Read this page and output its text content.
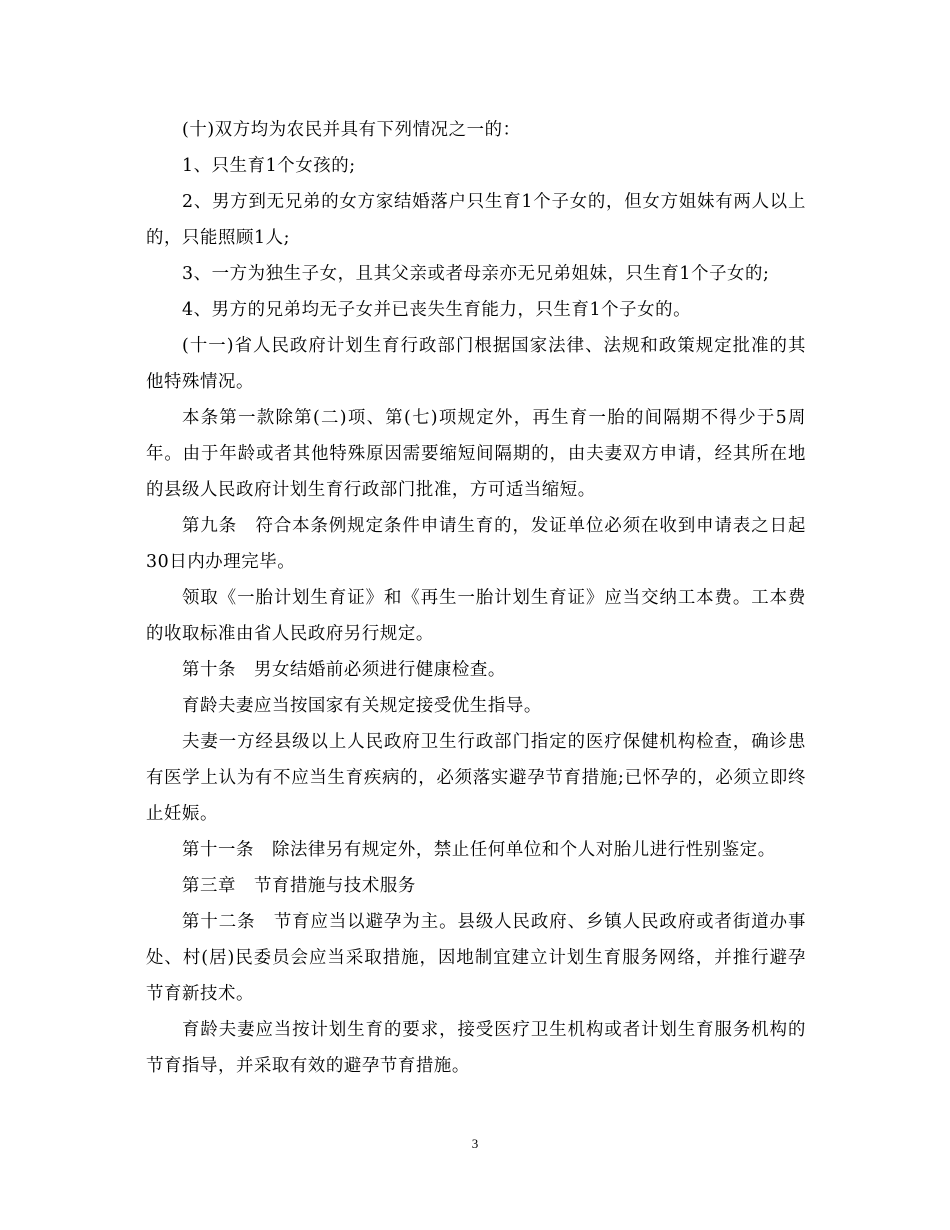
(十)双方均为农民并具有下列情况之一的：

1、只生育1个女孩的;

2、男方到无兄弟的女方家结婚落户只生育1个子女的，但女方姐妹有两人以上的，只能照顾1人;

3、一方为独生子女，且其父亲或者母亲亦无兄弟姐妹，只生育1个子女的;

4、男方的兄弟均无子女并已丧失生育能力，只生育1个子女的。

(十一)省人民政府计划生育行政部门根据国家法律、法规和政策规定批准的其他特殊情况。

本条第一款除第(二)项、第(七)项规定外，再生育一胎的间隔期不得少于5周年。由于年龄或者其他特殊原因需要缩短间隔期的，由夫妻双方申请，经其所在地的县级人民政府计划生育行政部门批准，方可适当缩短。

第九条　符合本条例规定条件申请生育的，发证单位必须在收到申请表之日起30日内办理完毕。

领取《一胎计划生育证》和《再生一胎计划生育证》应当交纳工本费。工本费的收取标准由省人民政府另行规定。

第十条　男女结婚前必须进行健康检查。

育龄夫妻应当按国家有关规定接受优生指导。

夫妻一方经县级以上人民政府卫生行政部门指定的医疗保健机构检查，确诊患有医学上认为有不应当生育疾病的，必须落实避孕节育措施;已怀孕的，必须立即终止妊娠。

第十一条　除法律另有规定外，禁止任何单位和个人对胎儿进行性别鉴定。

第三章　节育措施与技术服务

第十二条　节育应当以避孕为主。县级人民政府、乡镇人民政府或者街道办事处、村(居)民委员会应当采取措施，因地制宜建立计划生育服务网络，并推行避孕节育新技术。

育龄夫妻应当按计划生育的要求，接受医疗卫生机构或者计划生育服务机构的节育指导，并采取有效的避孕节育措施。

3
